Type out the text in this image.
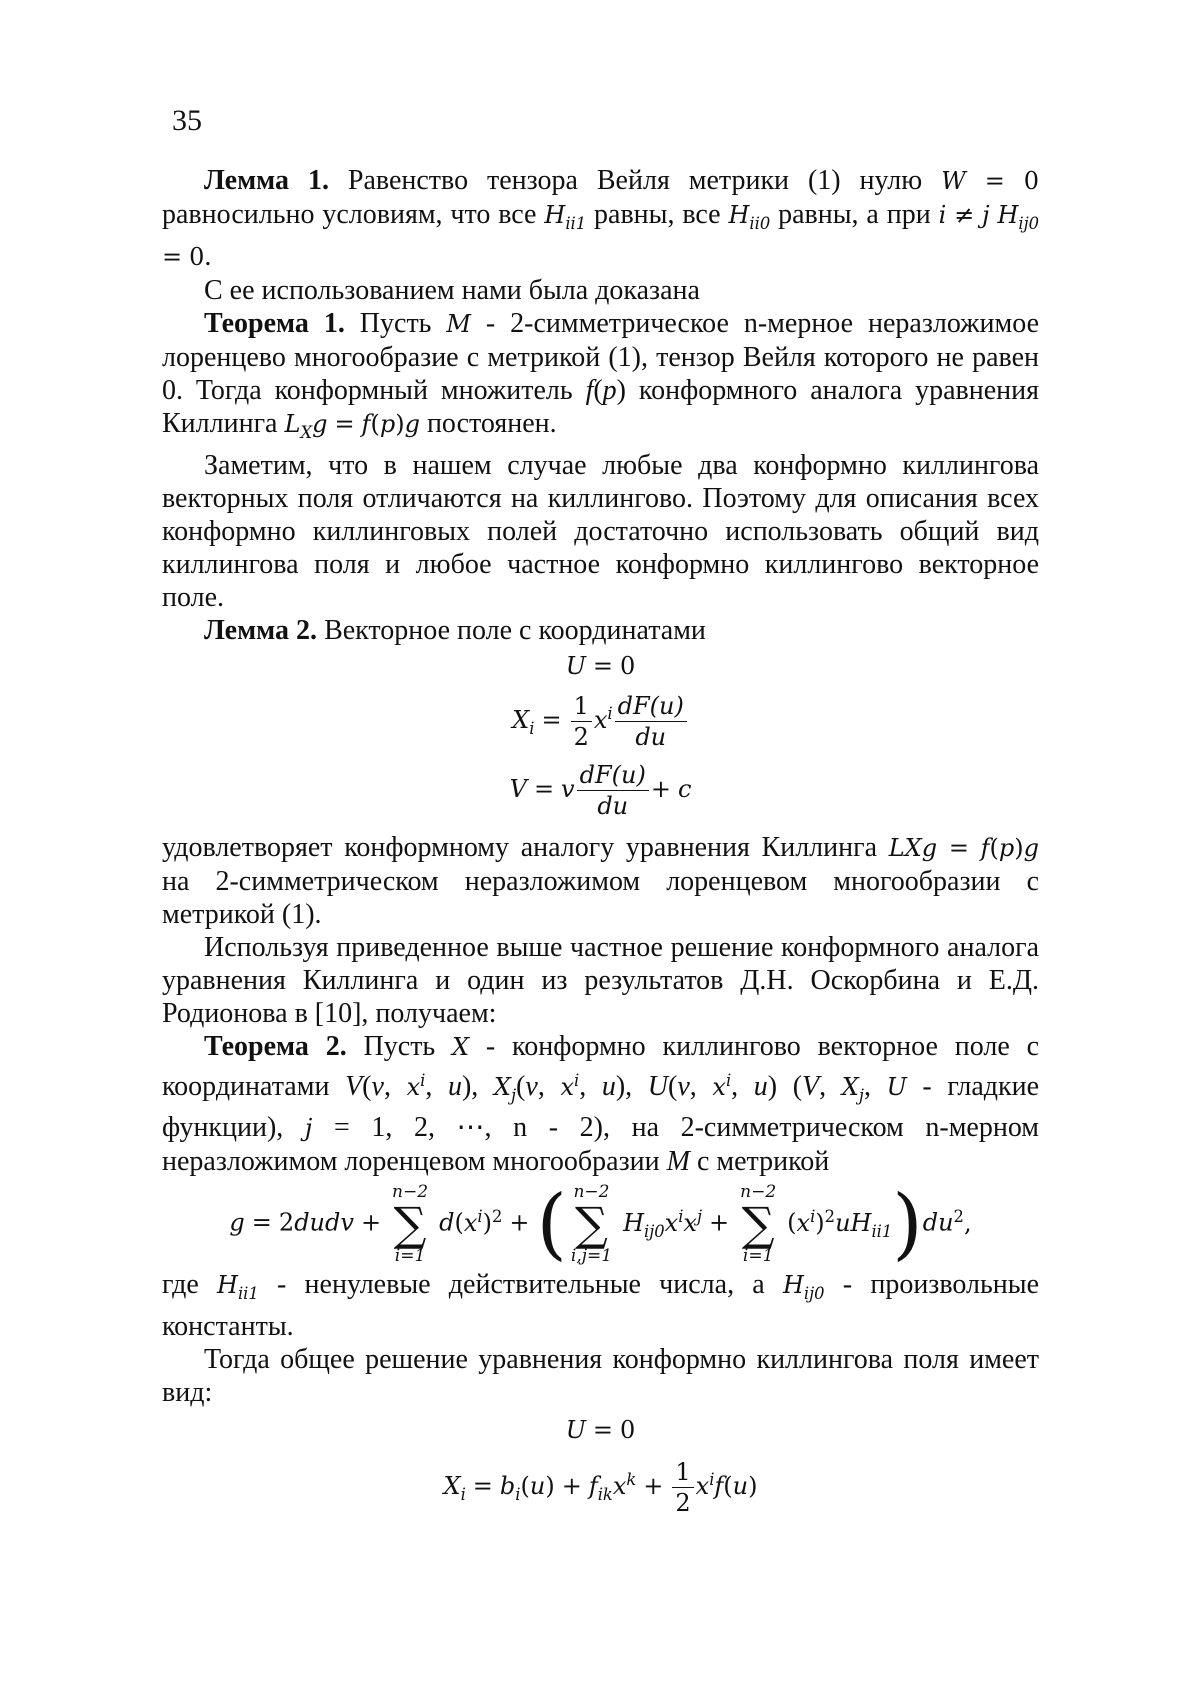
35

Лемма 1. Равенство тензора Вейля метрики (1) нулю W = 0 равносильно условиям, что все Hii1 равны, все Hii0 равны, а при i ≠ j Hij0 = 0.

С ее использованием нами была доказана

Теорема 1. Пусть M - 2-симметрическое n-мерное неразложимое лоренцево многообразие с метрикой (1), тензор Вейля которого не равен 0. Тогда конформный множитель f(p) конформного аналога уравнения Киллинга LXg = f(p)g постоянен.

Заметим, что в нашем случае любые два конформно киллингова векторных поля отличаются на киллингово. Поэтому для описания всех конформно киллинговых полей достаточно использовать общий вид киллингова поля и любое частное конформно киллингово векторное поле.

Лемма 2. Векторное поле с координатами

U = 0
Xi = 1
2
xi dF(u)
du
V = v dF(u)
du
+ c

удовлетворяет конформному аналогу уравнения Киллинга LXg = f(p)g на 2-симметрическом неразложимом лоренцевом многообразии с метрикой (1).

Используя приведенное выше частное решение конформного аналога уравнения Киллинга и один из результатов Д.Н. Оскорбина и Е.Д. Родионова в [10], получаем:

Теорема 2. Пусть X - конформно киллингово векторное поле с координатами V(v, xi, u), Xj(v, xi, u), U(v, xi, u) (V, Xj, U - гладкие функции), j = 1, 2, ⋯, n - 2), на 2-симметрическом n-мерном неразложимом лоренцевом многообразии M с метрикой

g = 2dudv +
n−2
∑
i=1
d(xi)2 + ( n−2
∑
i,j=1
Hij0xixj +
n−2
∑
i=1
(xi)2uHii1)du2,

где Hii1 - ненулевые действительные числа, а Hij0 - произвольные константы.

Тогда общее решение уравнения конформно киллингова поля имеет вид:

U = 0
Xi = bi(u) + fikxk + 1
2
xif(u)
